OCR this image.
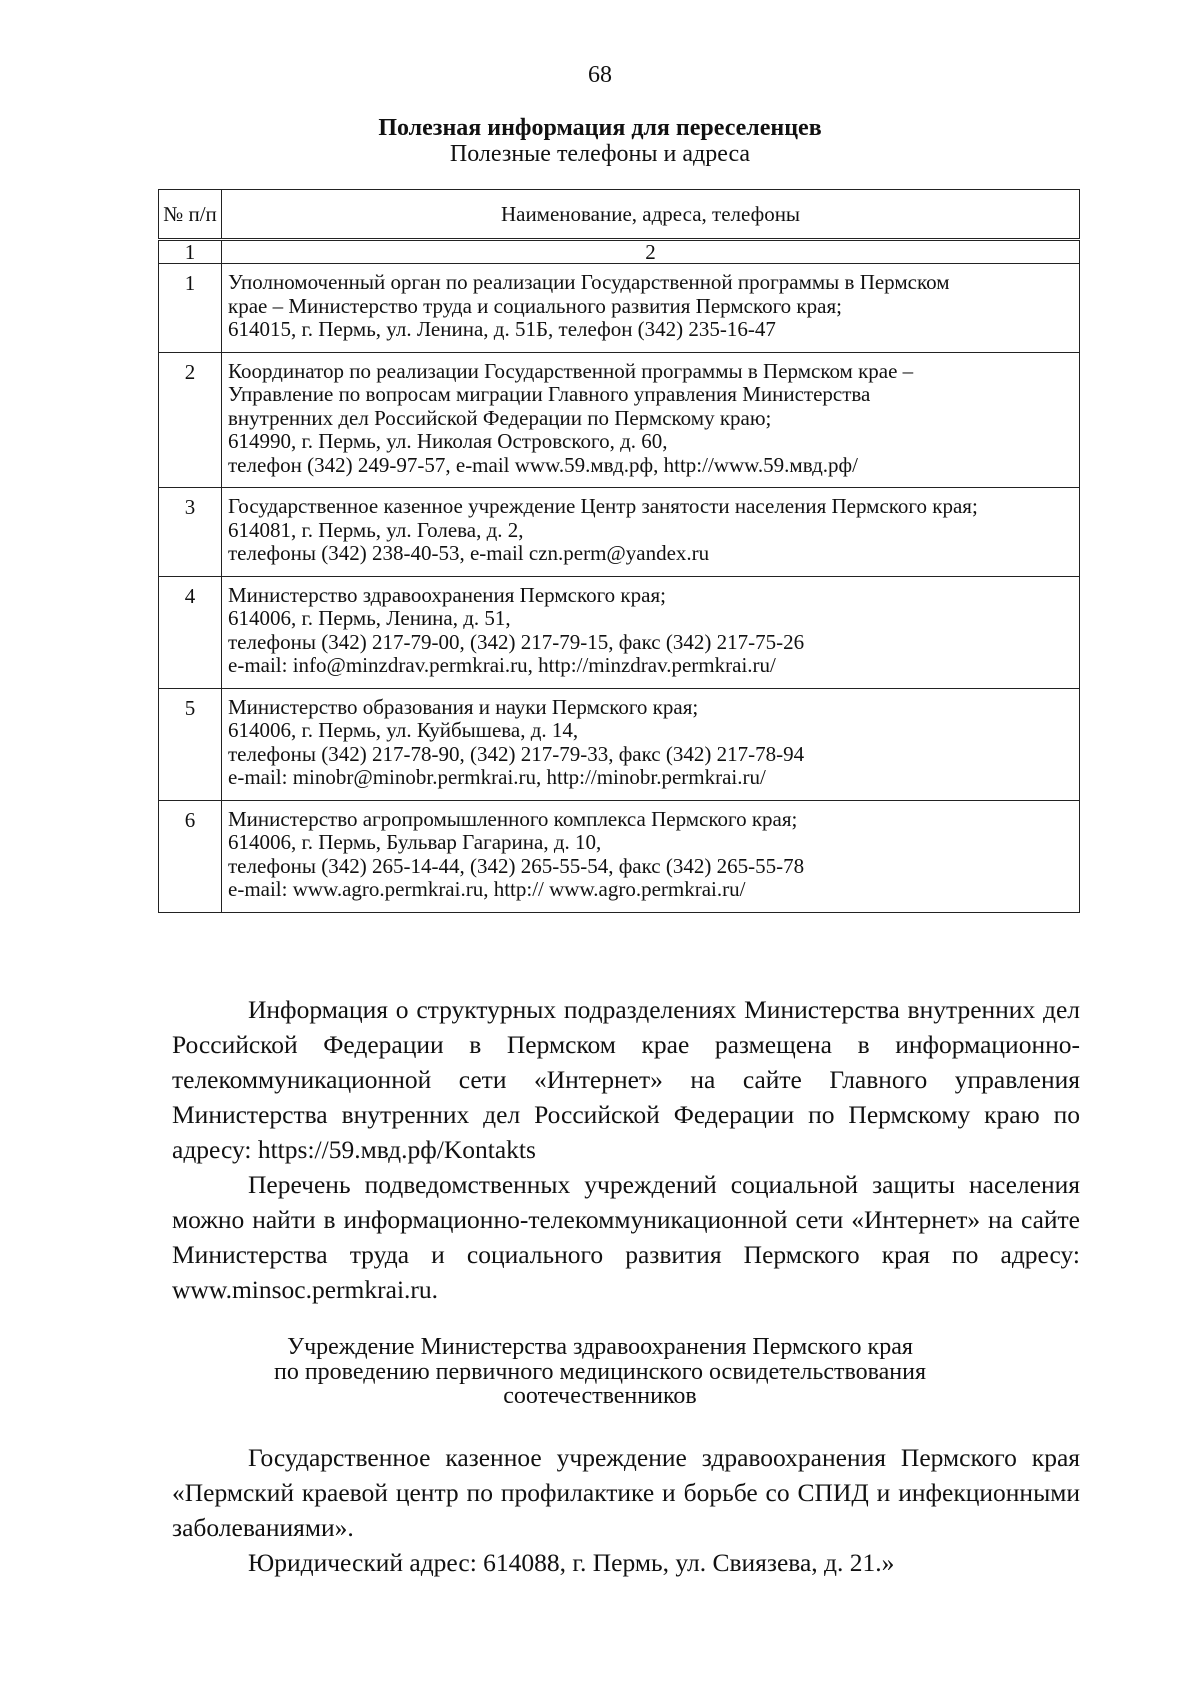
68
Полезная информация для переселенцев
Полезные телефоны и адреса
№ п/п	Наименование, адреса, телефоны
1	2
1	Уполномоченный орган по реализации Государственной программы в Пермском
крае – Министерство труда и социального развития Пермского края;
614015, г. Пермь, ул. Ленина, д. 51Б, телефон (342) 235-16-47

2	Координатор по реализации Государственной программы в Пермском крае –
Управление по вопросам миграции Главного управления Министерства
внутренних дел Российской Федерации по Пермскому краю;
614990, г. Пермь, ул. Николая Островского, д. 60,
телефон (342) 249-97-57, e-mail www.59.мвд.рф, http://www.59.мвд.рф/

3	Государственное казенное учреждение Центр занятости населения Пермского края;
614081, г. Пермь, ул. Голева, д. 2,
телефоны (342) 238-40-53, e-mail czn.perm@yandex.ru

4	Министерство здравоохранения Пермского края;
614006, г. Пермь, Ленина, д. 51,
телефоны (342) 217-79-00, (342) 217-79-15, факс (342) 217-75-26
e-mail: info@minzdrav.permkrai.ru, http://minzdrav.permkrai.ru/

5	Министерство образования и науки Пермского края;
614006, г. Пермь, ул. Куйбышева, д. 14,
телефоны (342) 217-78-90, (342) 217-79-33, факс (342) 217-78-94
e-mail: minobr@minobr.permkrai.ru, http://minobr.permkrai.ru/

6	Министерство агропромышленного комплекса Пермского края;
614006, г. Пермь, Бульвар Гагарина, д. 10,
телефоны (342) 265-14-44, (342) 265-55-54, факс (342) 265-55-78
e-mail: www.agro.permkrai.ru, http:// www.agro.permkrai.ru/

Информация о структурных подразделениях Министерства внутренних дел Российской Федерации в Пермском крае размещена в информационно-телекоммуникационной сети «Интернет» на сайте Главного управления Министерства внутренних дел Российской Федерации по Пермскому краю по адресу: https://59.мвд.рф/Kontakts

Перечень подведомственных учреждений социальной защиты населения можно найти в информационно-телекоммуникационной сети «Интернет» на сайте Министерства труда и социального развития Пермского края по адресу: www.minsoc.permkrai.ru.

Учреждение Министерства здравоохранения Пермского края
по проведению первичного медицинского освидетельствования
соотечественников

Государственное казенное учреждение здравоохранения Пермского края «Пермский краевой центр по профилактике и борьбе со СПИД и инфекционными заболеваниями».

Юридический адрес: 614088, г. Пермь, ул. Свиязева, д. 21.»
